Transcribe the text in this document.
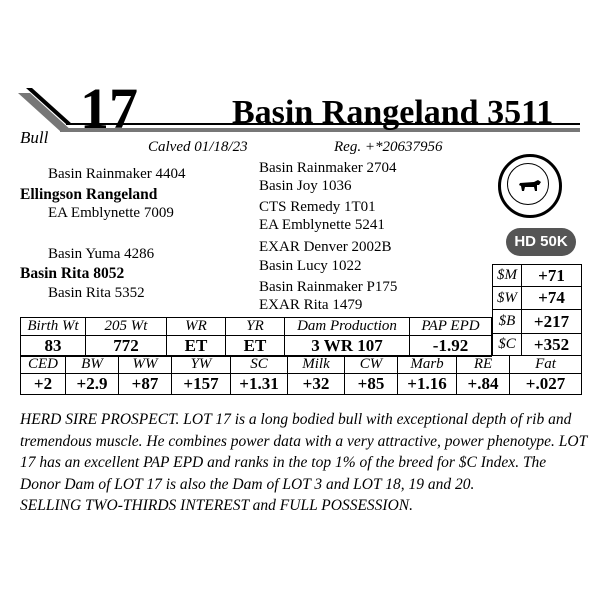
Bull 17	Basin Rangeland 3511
Calved 01/18/23	Reg. +*20637956
Basin Rainmaker 4404
Ellingson Rangeland
EA Emblynette 7009
Basin Yuma 4286
Basin Rita 8052
Basin Rita 5352
Basin Rainmaker 2704
Basin Joy 1036
CTS Remedy 1T01
EA Emblynette 5241
EXAR Denver 2002B
Basin Lucy 1022
Basin Rainmaker P175
EXAR Rita 1479
HD 50K
$M	+71
$W	+74
$B	+217
$C	+352
Birth Wt	205 Wt	WR	YR	Dam Production	PAP EPD
83	772	ET	ET	3 WR 107	-1.92
CED	BW	WW	YW	SC	Milk	CW	Marb	RE	Fat
+2	+2.9	+87	+157	+1.31	+32	+85	+1.16	+.84	+.027

HERD SIRE PROSPECT. LOT 17 is a long bodied bull with exceptional depth of rib and tremendous muscle. He combines power data with a very attractive, power phenotype. LOT 17 has an excellent PAP EPD and ranks in the top 1% of the breed for $C Index. The Donor Dam of LOT 17 is also the Dam of LOT 3 and LOT 18, 19 and 20.

SELLING TWO-THIRDS INTEREST and FULL POSSESSION.
